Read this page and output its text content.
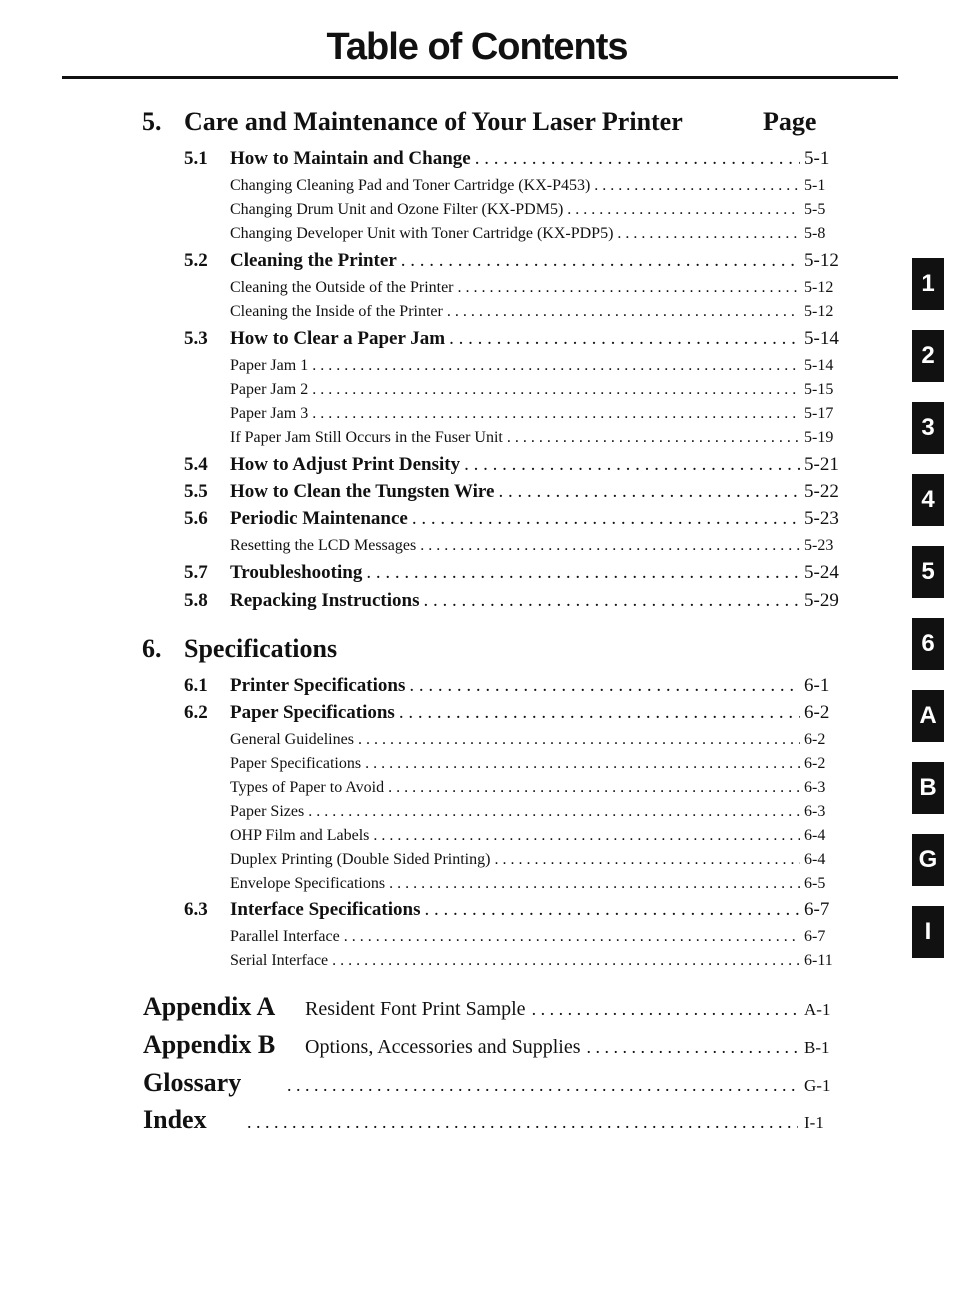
Table of Contents
5. Care and Maintenance of Your Laser Printer	Page
5.1	How to Maintain and Change . . .	5-1
Changing Cleaning Pad and Toner Cartridge (KX-P453) . . .	5-1
Changing Drum Unit and Ozone Filter (KX-PDM5) . . .	5-5
Changing Developer Unit with Toner Cartridge (KX-PDP5) . . .	5-8
5.2	Cleaning the Printer . . .	5-12
Cleaning the Outside of the Printer . . .	5-12
Cleaning the Inside of the Printer . . .	5-12
5.3	How to Clear a Paper Jam . . .	5-14
Paper Jam 1 . . .	5-14
Paper Jam 2 . . .	5-15
Paper Jam 3 . . .	5-17
If Paper Jam Still Occurs in the Fuser Unit . . .	5-19
5.4	How to Adjust Print Density . . .	5-21
5.5	How to Clean the Tungsten Wire . . .	5-22
5.6	Periodic Maintenance . . .	5-23
Resetting the LCD Messages . . .	5-23
5.7	Troubleshooting . . .	5-24
5.8	Repacking Instructions . . .	5-29
6. Specifications
6.1	Printer Specifications . . .	6-1
6.2	Paper Specifications . . .	6-2
General Guidelines . . .	6-2
Paper Specifications . . .	6-2
Types of Paper to Avoid . . .	6-3
Paper Sizes . . .	6-3
OHP Film and Labels . . .	6-4
Duplex Printing (Double Sided Printing) . . .	6-4
Envelope Specifications . . .	6-5
6.3	Interface Specifications . . .	6-7
Parallel Interface . . .	6-7
Serial Interface . . .	6-11
Appendix A	Resident Font Print Sample . . .	A-1
Appendix B	Options, Accessories and Supplies . . .	B-1
Glossary . . .	G-1
Index . . .	I-1
1
2
3
4
5
6
A
B
G
I
